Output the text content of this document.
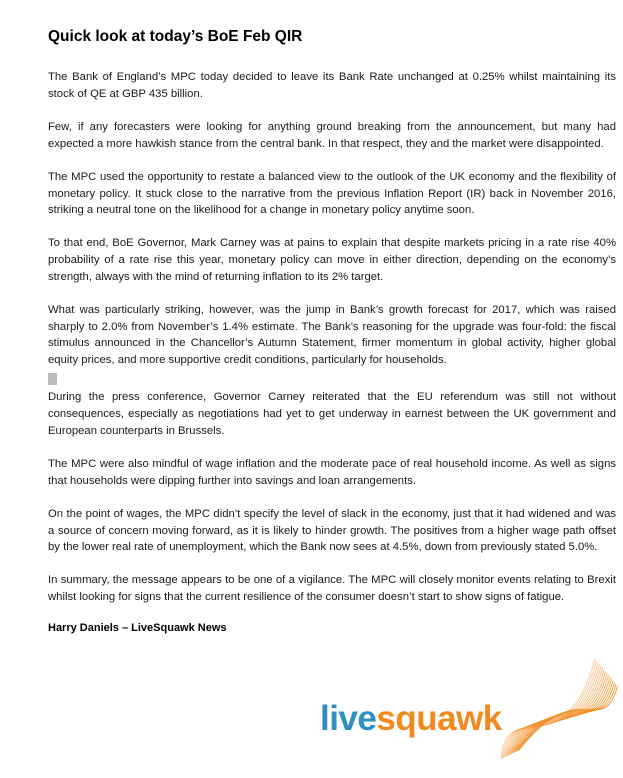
Quick look at today’s BoE Feb QIR

The Bank of England’s MPC today decided to leave its Bank Rate unchanged at 0.25% whilst maintaining its stock of QE at GBP 435 billion.

Few, if any forecasters were looking for anything ground breaking from the announcement, but many had expected a more hawkish stance from the central bank. In that respect, they and the market were disappointed.

The MPC used the opportunity to restate a balanced view to the outlook of the UK economy and the flexibility of monetary policy. It stuck close to the narrative from the previous Inflation Report (IR) back in November 2016, striking a neutral tone on the likelihood for a change in monetary policy anytime soon.

To that end, BoE Governor, Mark Carney was at pains to explain that despite markets pricing in a rate rise 40% probability of a rate rise this year, monetary policy can move in either direction, depending on the economy’s strength, always with the mind of returning inflation to its 2% target.

What was particularly striking, however, was the jump in Bank’s growth forecast for 2017, which was raised sharply to 2.0% from November’s 1.4% estimate. The Bank’s reasoning for the upgrade was four-fold: the fiscal stimulus announced in the Chancellor’s Autumn Statement, firmer momentum in global activity, higher global equity prices, and more supportive credit conditions, particularly for households.

During the press conference, Governor Carney reiterated that the EU referendum was still not without consequences, especially as negotiations had yet to get underway in earnest between the UK government and European counterparts in Brussels.

The MPC were also mindful of wage inflation and the moderate pace of real household income. As well as signs that households were dipping further into savings and loan arrangements.

On the point of wages, the MPC didn’t specify the level of slack in the economy, just that it had widened and was a source of concern moving forward, as it is likely to hinder growth. The positives from a higher wage path offset by the lower real rate of unemployment, which the Bank now sees at 4.5%, down from previously stated 5.0%.

In summary, the message appears to be one of a vigilance. The MPC will closely monitor events relating to Brexit whilst looking for signs that the current resilience of the consumer doesn’t start to show signs of fatigue.

Harry Daniels – LiveSquawk News
livesquawk
